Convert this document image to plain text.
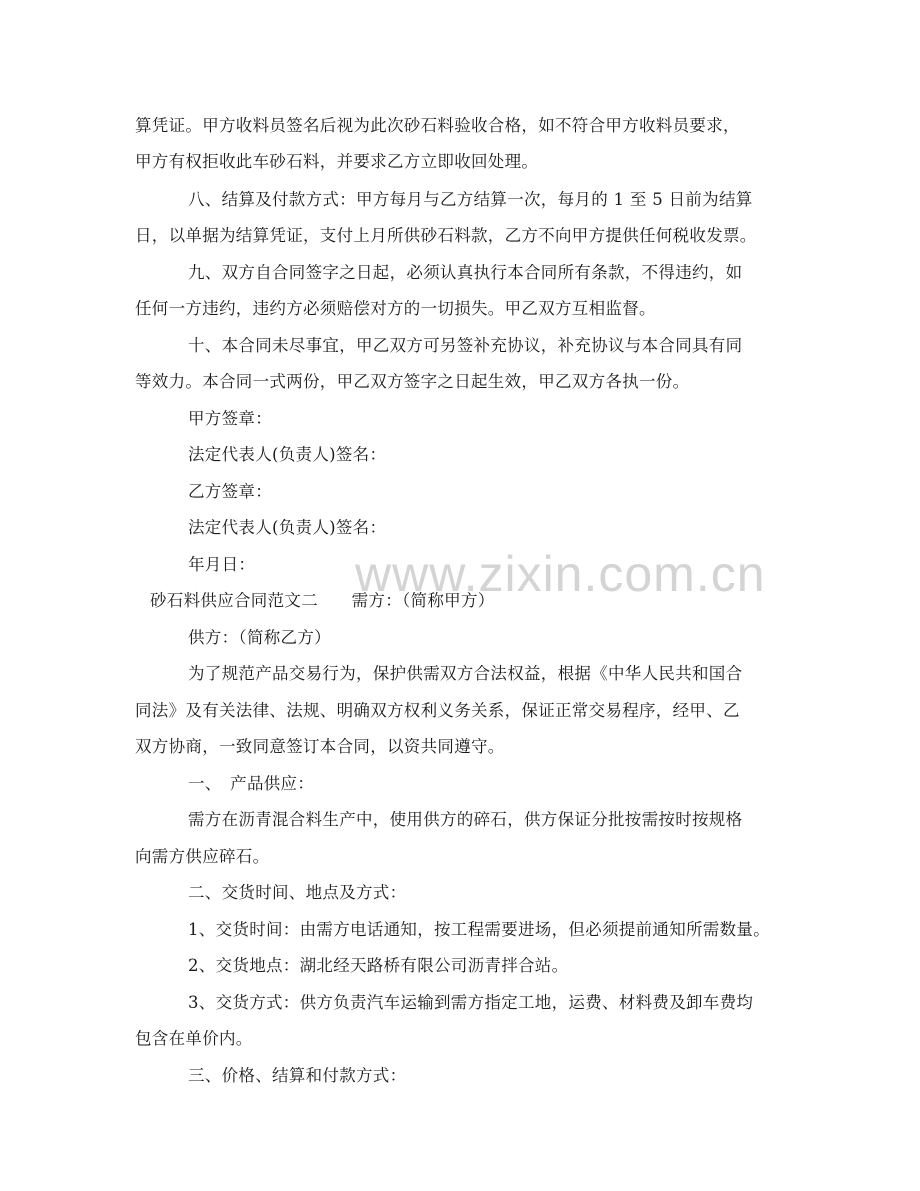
www.zixin.com.cn
算凭证。甲方收料员签名后视为此次砂石料验收合格，如不符合甲方收料员要求，
甲方有权拒收此车砂石料，并要求乙方立即收回处理。
八、结算及付款方式：甲方每月与乙方结算一次，每月的 1 至 5 日前为结算
日，以单据为结算凭证，支付上月所供砂石料款，乙方不向甲方提供任何税收发票。
九、双方自合同签字之日起，必须认真执行本合同所有条款，不得违约，如
任何一方违约，违约方必须赔偿对方的一切损失。甲乙双方互相监督。
十、本合同未尽事宜，甲乙双方可另签补充协议，补充协议与本合同具有同
等效力。本合同一式两份，甲乙双方签字之日起生效，甲乙双方各执一份。
甲方签章：
法定代表人(负责人)签名：
乙方签章：
法定代表人(负责人)签名：
年月日：
砂石料供应合同范文二　　需方：（简称甲方）
供方：（简称乙方）
为了规范产品交易行为，保护供需双方合法权益，根据《中华人民共和国合
同法》及有关法律、法规、明确双方权利义务关系，保证正常交易程序，经甲、乙
双方协商，一致同意签订本合同，以资共同遵守。
一、　产品供应：
需方在沥青混合料生产中，使用供方的碎石，供方保证分批按需按时按规格
向需方供应碎石。
二、交货时间、地点及方式：
1、交货时间：由需方电话通知，按工程需要进场，但必须提前通知所需数量。
2、交货地点：湖北经天路桥有限公司沥青拌合站。
3、交货方式：供方负责汽车运输到需方指定工地，运费、材料费及卸车费均
包含在单价内。
三、价格、结算和付款方式：
